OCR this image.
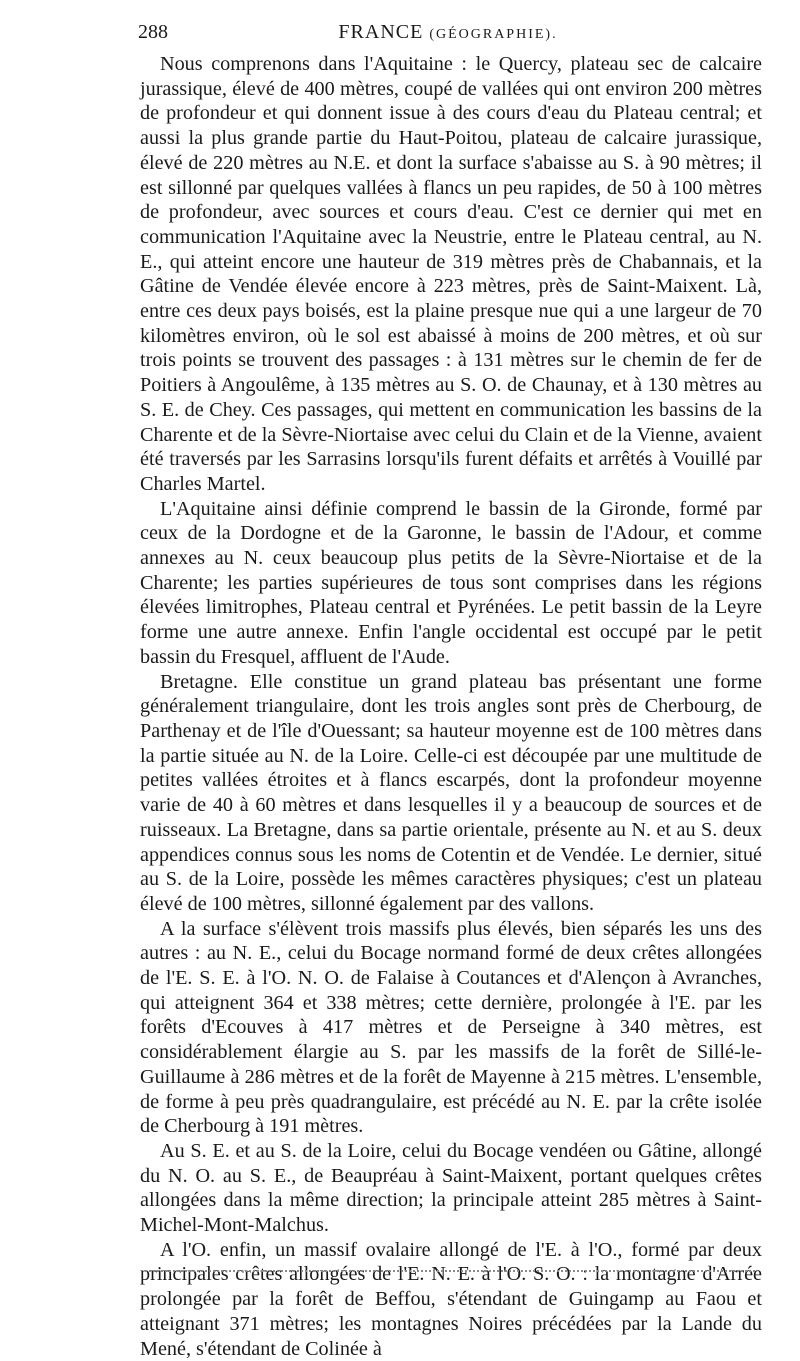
288	FRANCE (GÉOGRAPHIE).

Nous comprenons dans l'Aquitaine : le Quercy, plateau sec de calcaire jurassique, élevé de 400 mètres, coupé de vallées qui ont environ 200 mètres de profondeur et qui donnent issue à des cours d'eau du Plateau central; et aussi la plus grande partie du Haut-Poitou, plateau de calcaire jurassique, élevé de 220 mètres au N.E. et dont la surface s'abaisse au S. à 90 mètres; il est sillonné par quelques vallées à flancs un peu rapides, de 50 à 100 mètres de profondeur, avec sources et cours d'eau. C'est ce dernier qui met en communication l'Aquitaine avec la Neustrie, entre le Plateau central, au N. E., qui atteint encore une hauteur de 319 mètres près de Chabannais, et la Gâtine de Vendée élevée encore à 223 mètres, près de Saint-Maixent. Là, entre ces deux pays boisés, est la plaine presque nue qui a une largeur de 70 kilomètres environ, où le sol est abaissé à moins de 200 mètres, et où sur trois points se trouvent des passages : à 131 mètres sur le chemin de fer de Poitiers à Angoulême, à 135 mètres au S. O. de Chaunay, et à 130 mètres au S. E. de Chey. Ces passages, qui mettent en communication les bassins de la Charente et de la Sèvre-Niortaise avec celui du Clain et de la Vienne, avaient été traversés par les Sarrasins lorsqu'ils furent défaits et arrêtés à Vouillé par Charles Martel.

L'Aquitaine ainsi définie comprend le bassin de la Gironde, formé par ceux de la Dordogne et de la Garonne, le bassin de l'Adour, et comme annexes au N. ceux beaucoup plus petits de la Sèvre-Niortaise et de la Charente; les parties supérieures de tous sont comprises dans les régions élevées limitrophes, Plateau central et Pyrénées. Le petit bassin de la Leyre forme une autre annexe. Enfin l'angle occidental est occupé par le petit bassin du Fresquel, affluent de l'Aude.

Bretagne. Elle constitue un grand plateau bas présentant une forme généralement triangulaire, dont les trois angles sont près de Cherbourg, de Parthenay et de l'île d'Ouessant; sa hauteur moyenne est de 100 mètres dans la partie située au N. de la Loire. Celle-ci est découpée par une multitude de petites vallées étroites et à flancs escarpés, dont la profondeur moyenne varie de 40 à 60 mètres et dans lesquelles il y a beaucoup de sources et de ruisseaux. La Bretagne, dans sa partie orientale, présente au N. et au S. deux appendices connus sous les noms de Cotentin et de Vendée. Le dernier, situé au S. de la Loire, possède les mêmes caractères physiques; c'est un plateau élevé de 100 mètres, sillonné également par des vallons.

A la surface s'élèvent trois massifs plus élevés, bien séparés les uns des autres : au N. E., celui du Bocage normand formé de deux crêtes allongées de l'E. S. E. à l'O. N. O. de Falaise à Coutances et d'Alençon à Avranches, qui atteignent 364 et 338 mètres; cette dernière, prolongée à l'E. par les forêts d'Ecouves à 417 mètres et de Perseigne à 340 mètres, est considérablement élargie au S. par les massifs de la forêt de Sillé-le-Guillaume à 286 mètres et de la forêt de Mayenne à 215 mètres. L'ensemble, de forme à peu près quadrangulaire, est précédé au N. E. par la crête isolée de Cherbourg à 191 mètres.

Au S. E. et au S. de la Loire, celui du Bocage vendéen ou Gâtine, allongé du N. O. au S. E., de Beaupréau à Saint-Maixent, portant quelques crêtes allongées dans la même direction; la principale atteint 285 mètres à Saint-Michel-Mont-Malchus.

A l'O. enfin, un massif ovalaire allongé de l'E. à l'O., formé par deux principales crêtes allongées de l'E. N. E. à l'O. S. O. : la montagne d'Arrée prolongée par la forêt de Beffou, s'étendant de Guingamp au Faou et atteignant 371 mètres; les montagnes Noires précédées par la Lande du Mené, s'étendant de Colinée à
